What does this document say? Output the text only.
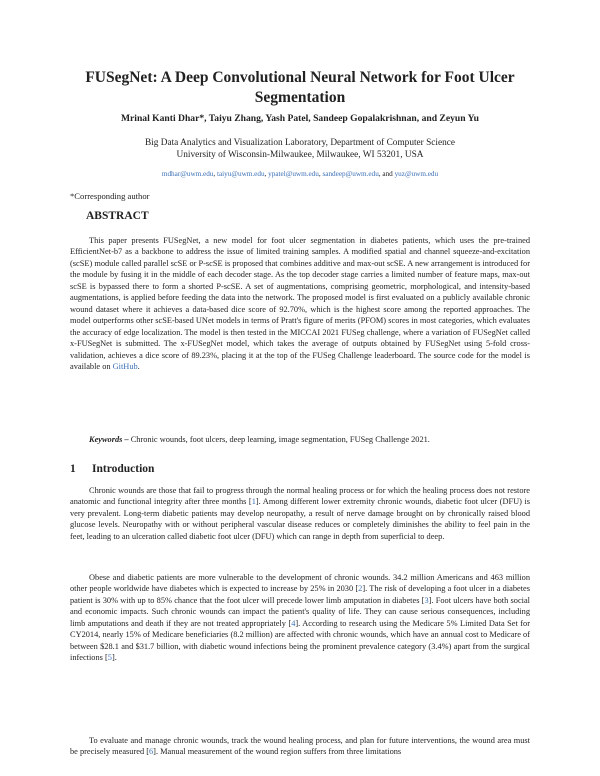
FUSegNet: A Deep Convolutional Neural Network for Foot Ulcer Segmentation
Mrinal Kanti Dhar*, Taiyu Zhang, Yash Patel, Sandeep Gopalakrishnan, and Zeyun Yu
Big Data Analytics and Visualization Laboratory, Department of Computer Science
University of Wisconsin-Milwaukee, Milwaukee, WI 53201, USA
mdhar@uwm.edu, taiyu@uwm.edu, ypatel@uwm.edu, sandeep@uwm.edu, and yuz@uwm.edu
*Corresponding author
ABSTRACT

This paper presents FUSegNet, a new model for foot ulcer segmentation in diabetes patients, which uses the pre-trained EfficientNet-b7 as a backbone to address the issue of limited training samples. A modified spatial and channel squeeze-and-excitation (scSE) module called parallel scSE or P-scSE is proposed that combines additive and max-out scSE. A new arrangement is introduced for the module by fusing it in the middle of each decoder stage. As the top decoder stage carries a limited number of feature maps, max-out scSE is bypassed there to form a shorted P-scSE. A set of augmentations, comprising geometric, morphological, and intensity-based augmentations, is applied before feeding the data into the network. The proposed model is first evaluated on a publicly available chronic wound dataset where it achieves a data-based dice score of 92.70%, which is the highest score among the reported approaches. The model outperforms other scSE-based UNet models in terms of Pratt's figure of merits (PFOM) scores in most categories, which evaluates the accuracy of edge localization. The model is then tested in the MICCAI 2021 FUSeg challenge, where a variation of FUSegNet called x-FUSegNet is submitted. The x-FUSegNet model, which takes the average of outputs obtained by FUSegNet using 5-fold cross-validation, achieves a dice score of 89.23%, placing it at the top of the FUSeg Challenge leaderboard. The source code for the model is available on GitHub.

Keywords – Chronic wounds, foot ulcers, deep learning, image segmentation, FUSeg Challenge 2021.
1 Introduction

Chronic wounds are those that fail to progress through the normal healing process or for which the healing process does not restore anatomic and functional integrity after three months [1]. Among different lower extremity chronic wounds, diabetic foot ulcer (DFU) is very prevalent. Long-term diabetic patients may develop neuropathy, a result of nerve damage brought on by chronically raised blood glucose levels. Neuropathy with or without peripheral vascular disease reduces or completely diminishes the ability to feel pain in the feet, leading to an ulceration called diabetic foot ulcer (DFU) which can range in depth from superficial to deep.

Obese and diabetic patients are more vulnerable to the development of chronic wounds. 34.2 million Americans and 463 million other people worldwide have diabetes which is expected to increase by 25% in 2030 [2]. The risk of developing a foot ulcer in a diabetes patient is 30% with up to 85% chance that the foot ulcer will precede lower limb amputation in diabetes [3]. Foot ulcers have both social and economic impacts. Such chronic wounds can impact the patient's quality of life. They can cause serious consequences, including limb amputations and death if they are not treated appropriately [4]. According to research using the Medicare 5% Limited Data Set for CY2014, nearly 15% of Medicare beneficiaries (8.2 million) are affected with chronic wounds, which have an annual cost to Medicare of between $28.1 and $31.7 billion, with diabetic wound infections being the prominent prevalence category (3.4%) apart from the surgical infections [5].

To evaluate and manage chronic wounds, track the wound healing process, and plan for future interventions, the wound area must be precisely measured [6]. Manual measurement of the wound region suffers from three limitations
